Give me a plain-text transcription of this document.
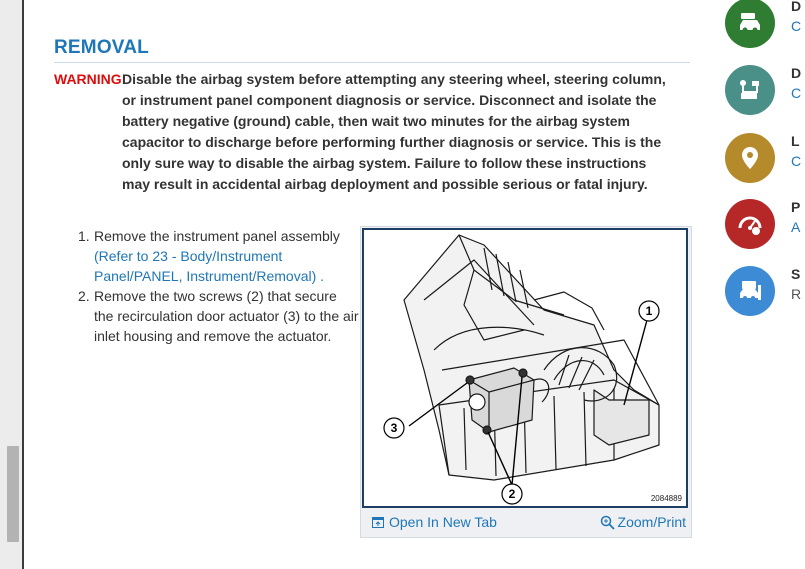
REMOVAL
WARNING:
Disable the airbag system before attempting any steering wheel, steering column, or instrument panel component diagnosis or service. Disconnect and isolate the battery negative (ground) cable, then wait two minutes for the airbag system capacitor to discharge before performing further diagnosis or service. This is the only sure way to disable the airbag system. Failure to follow these instructions may result in accidental airbag deployment and possible serious or fatal injury.
1. Remove the instrument panel assembly (Refer to 23 - Body/Instrument Panel/PANEL, Instrument/Removal) .
2. Remove the two screws (2) that secure the recirculation door actuator (3) to the air inlet housing and remove the actuator.
1
3
2	2084889
Open In New Tab	Zoom/Print
D
C
D
C
L
C
P
A
S
R
